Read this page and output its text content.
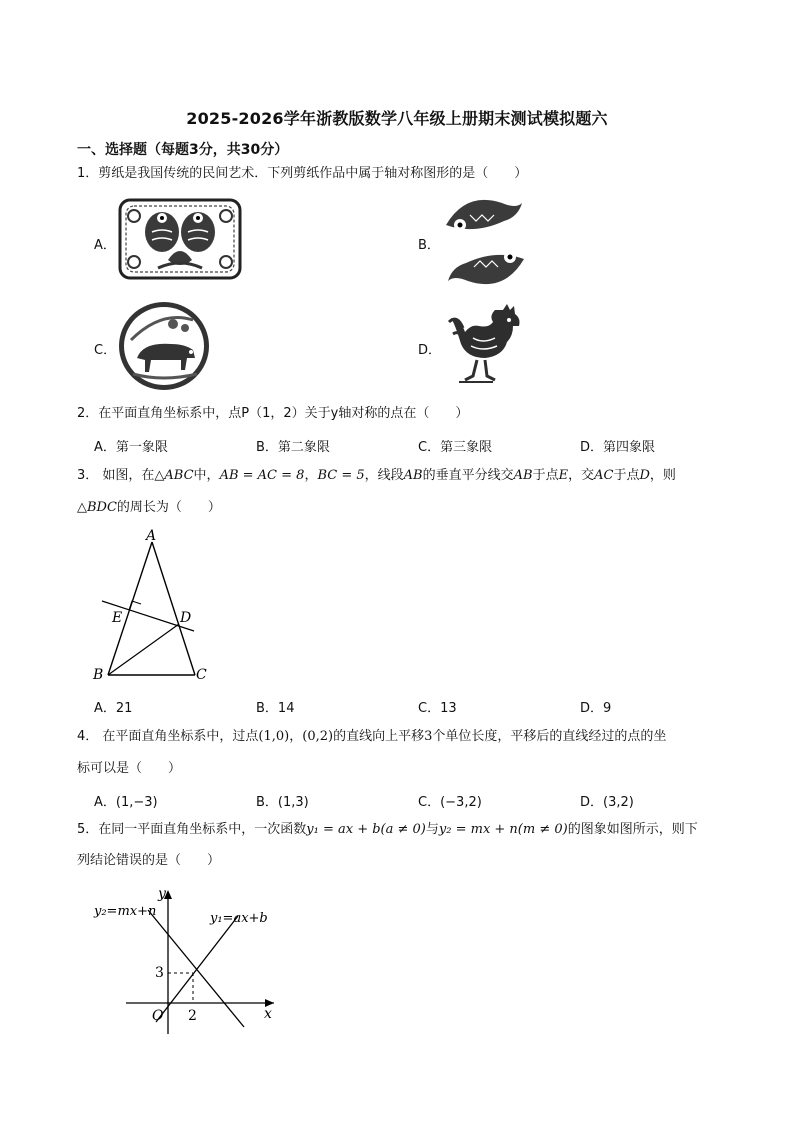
2025-2026学年浙教版数学八年级上册期末测试模拟题六
一、选择题（每题3分，共30分）
1．剪纸是我国传统的民间艺术．下列剪纸作品中属于轴对称图形的是（　　）
A．	B．
C．	D．
2．在平面直角坐标系中，点P（1，2）关于y轴对称的点在（　　）
A．第一象限	B．第二象限	C．第三象限	D．第四象限
3． 如图，在△ABC中，AB = AC = 8，BC = 5，线段AB的垂直平分线交AB于点E，交AC于点D，则
△BDC的周长为（　　）
A
E	D
B	C
A．21	B．14	C．13	D．9
4． 在平面直角坐标系中，过点(1,0)，(0,2)的直线向上平移3个单位长度，平移后的直线经过的点的坐
标可以是（　　）
A．(1,−3)	B．(1,3)	C．(−3,2)	D．(3,2)
5．在同一平面直角坐标系中，一次函数y₁ = ax + b(a ≠ 0)与y₂ = mx + n(m ≠ 0)的图象如图所示，则下
列结论错误的是（　　）
y
x
O
3
2
y₂=mx+n	y₁=ax+b
